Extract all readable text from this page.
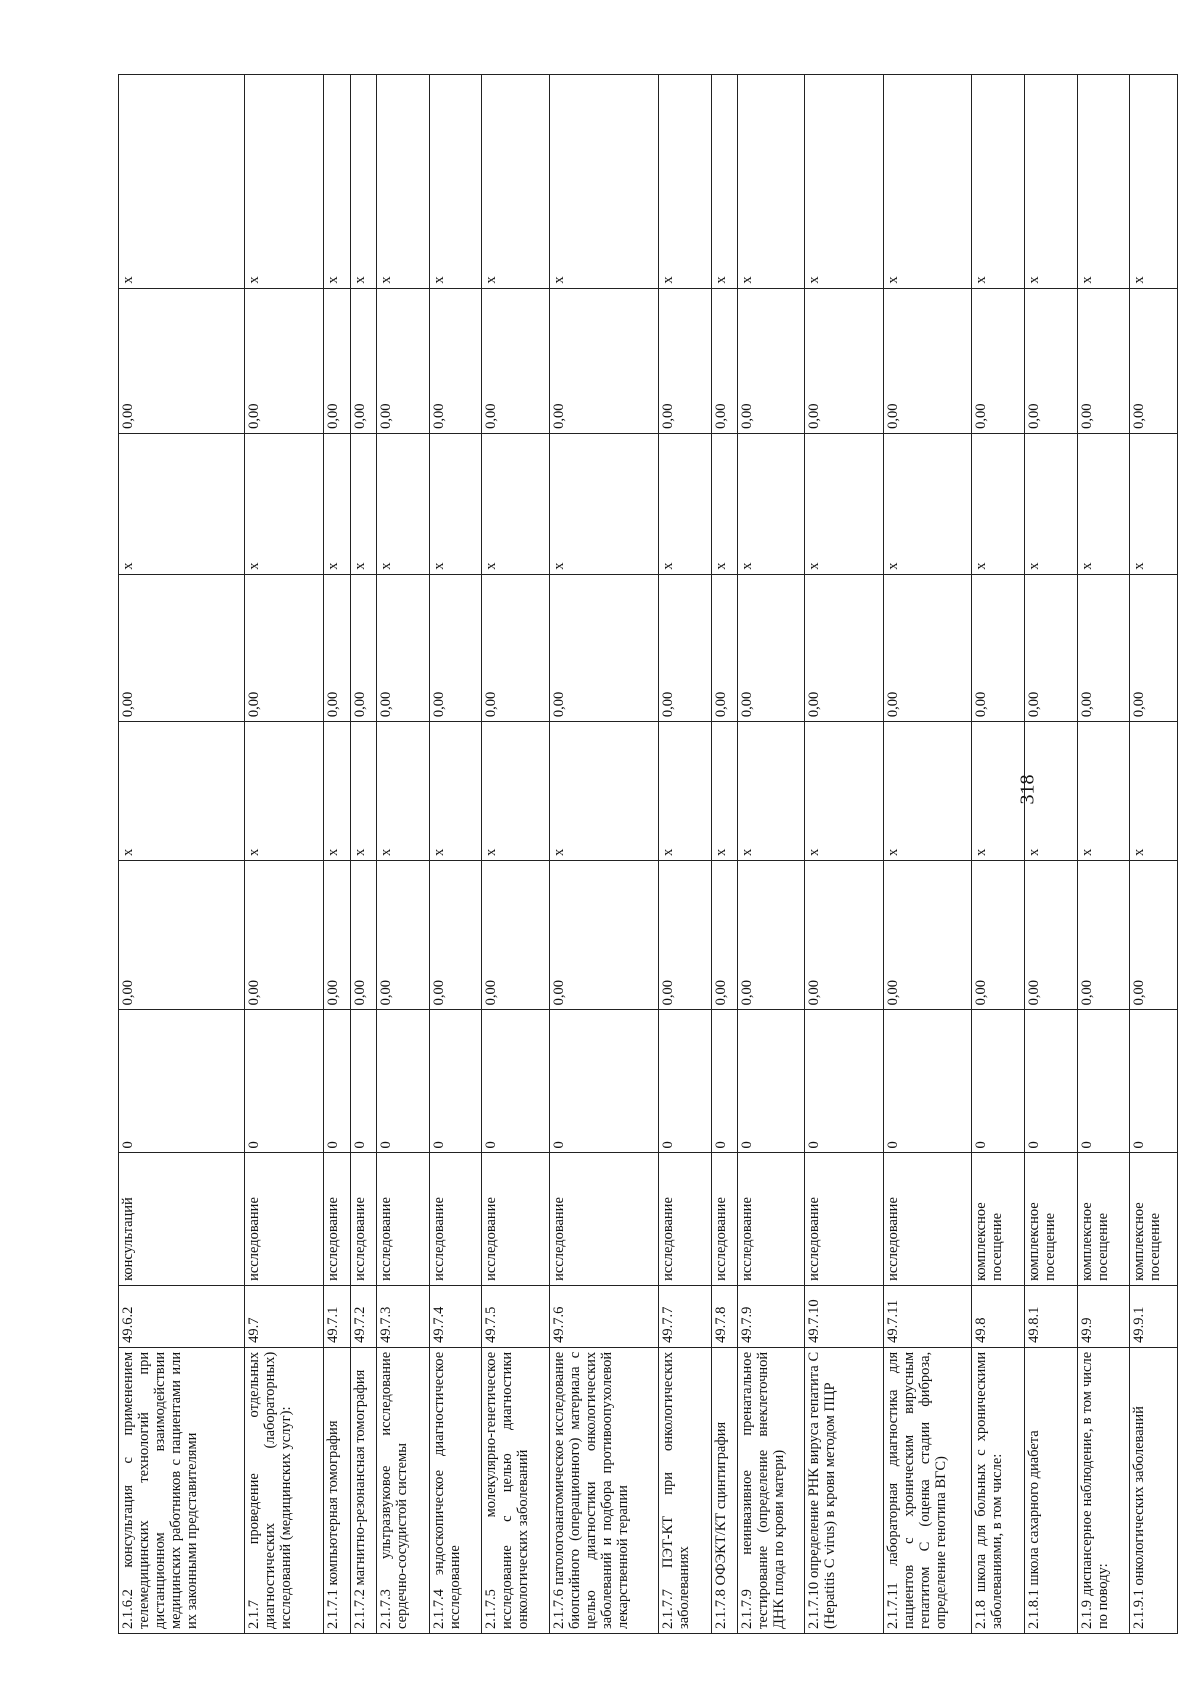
2.1.6.2 консультация с применением телемедицинских технологий при дистанционном взаимодействии медицинских работников с пациентами или их законными представителями	49.6.2	консультаций	0	0,00	х	0,00	х	0,00	х
2.1.7 проведение отдельных диагностических (лабораторных) исследований (медицинских услуг):	49.7	исследование	0	0,00	х	0,00	х	0,00	х
2.1.7.1 компьютерная томография	49.7.1	исследование	0	0,00	х	0,00	х	0,00	х
2.1.7.2 магнитно-резонансная томография	49.7.2	исследование	0	0,00	х	0,00	х	0,00	х
2.1.7.3 ультразвуковое исследование сердечно-сосудистой системы	49.7.3	исследование	0	0,00	х	0,00	х	0,00	х
2.1.7.4 эндоскопическое диагностическое исследование	49.7.4	исследование	0	0,00	х	0,00	х	0,00	х
2.1.7.5 молекулярно-генетическое исследование с целью диагностики онкологических заболеваний	49.7.5	исследование	0	0,00	х	0,00	х	0,00	х
2.1.7.6 патологоанатомическое исследование биопсийного (операционного) материала с целью диагностики онкологических заболеваний и подбора противоопухолевой лекарственной терапии	49.7.6	исследование	0	0,00	х	0,00	х	0,00	х
2.1.7.7 ПЭТ-КТ при онкологических заболеваниях	49.7.7	исследование	0	0,00	х	0,00	х	0,00	х
2.1.7.8 ОФЭКТ/КТ сцинтиграфия	49.7.8	исследование	0	0,00	х	0,00	х	0,00	х
2.1.7.9 неинвазивное пренатальное тестирование (определение внеклеточной ДНК плода по крови матери)	49.7.9	исследование	0	0,00	х	0,00	х	0,00	х
2.1.7.10 определение РНК вируса гепатита С (Hepatitis C virus) в крови методом ПЦР	49.7.10	исследование	0	0,00	х	0,00	х	0,00	х
2.1.7.11 лабораторная диагностика для пациентов с хроническим вирусным гепатитом С (оценка стадии фиброза, определение генотипа ВГС)	49.7.11	исследование	0	0,00	х	0,00	х	0,00	х
2.1.8 школа для больных с хроническими заболеваниями, в том числе:	49.8	комплексное посещение	0	0,00	х	0,00	х	0,00	х
2.1.8.1 школа сахарного диабета	49.8.1	комплексное посещение	0	0,00	х	0,00	х	0,00	х
2.1.9 диспансерное наблюдение, в том числе по поводу:	49.9	комплексное посещение	0	0,00	х	0,00	х	0,00	х
2.1.9.1 онкологических заболеваний	49.9.1	комплексное посещение	0	0,00	х	0,00	х	0,00	х
318
